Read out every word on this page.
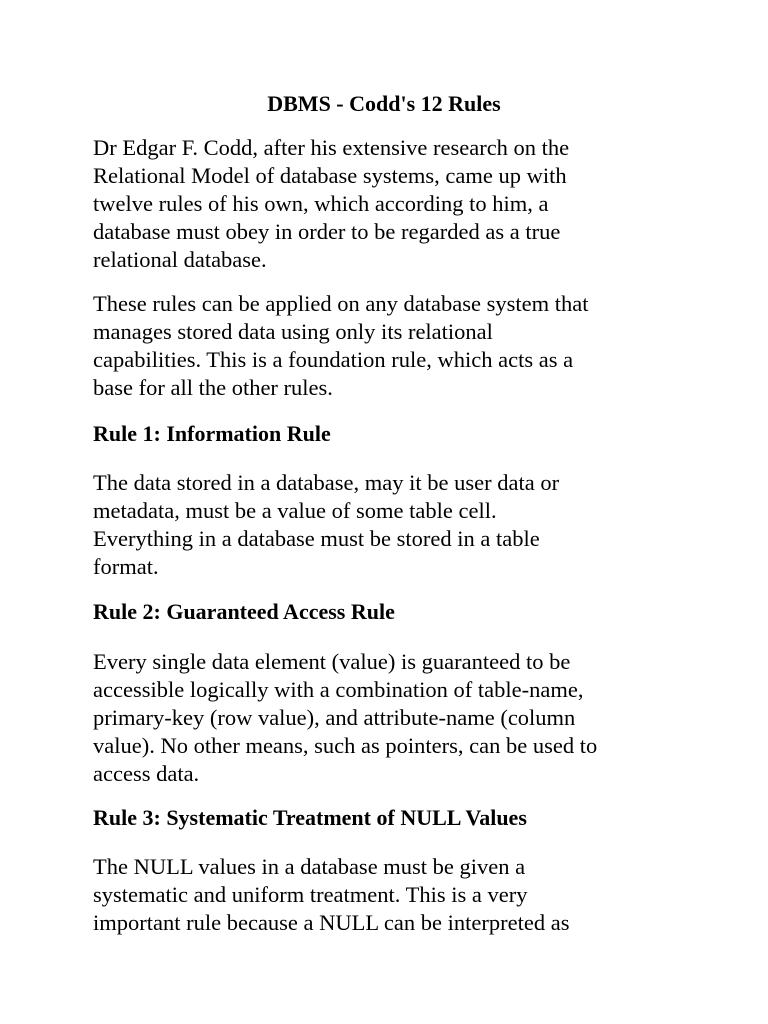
DBMS - Codd's 12 Rules

Dr Edgar F. Codd, after his extensive research on the
Relational Model of database systems, came up with
twelve rules of his own, which according to him, a
database must obey in order to be regarded as a true
relational database.

These rules can be applied on any database system that
manages stored data using only its relational
capabilities. This is a foundation rule, which acts as a
base for all the other rules.

Rule 1: Information Rule

The data stored in a database, may it be user data or
metadata, must be a value of some table cell.
Everything in a database must be stored in a table
format.

Rule 2: Guaranteed Access Rule

Every single data element (value) is guaranteed to be
accessible logically with a combination of table-name,
primary-key (row value), and attribute-name (column
value). No other means, such as pointers, can be used to
access data.

Rule 3: Systematic Treatment of NULL Values

The NULL values in a database must be given a
systematic and uniform treatment. This is a very
important rule because a NULL can be interpreted as
